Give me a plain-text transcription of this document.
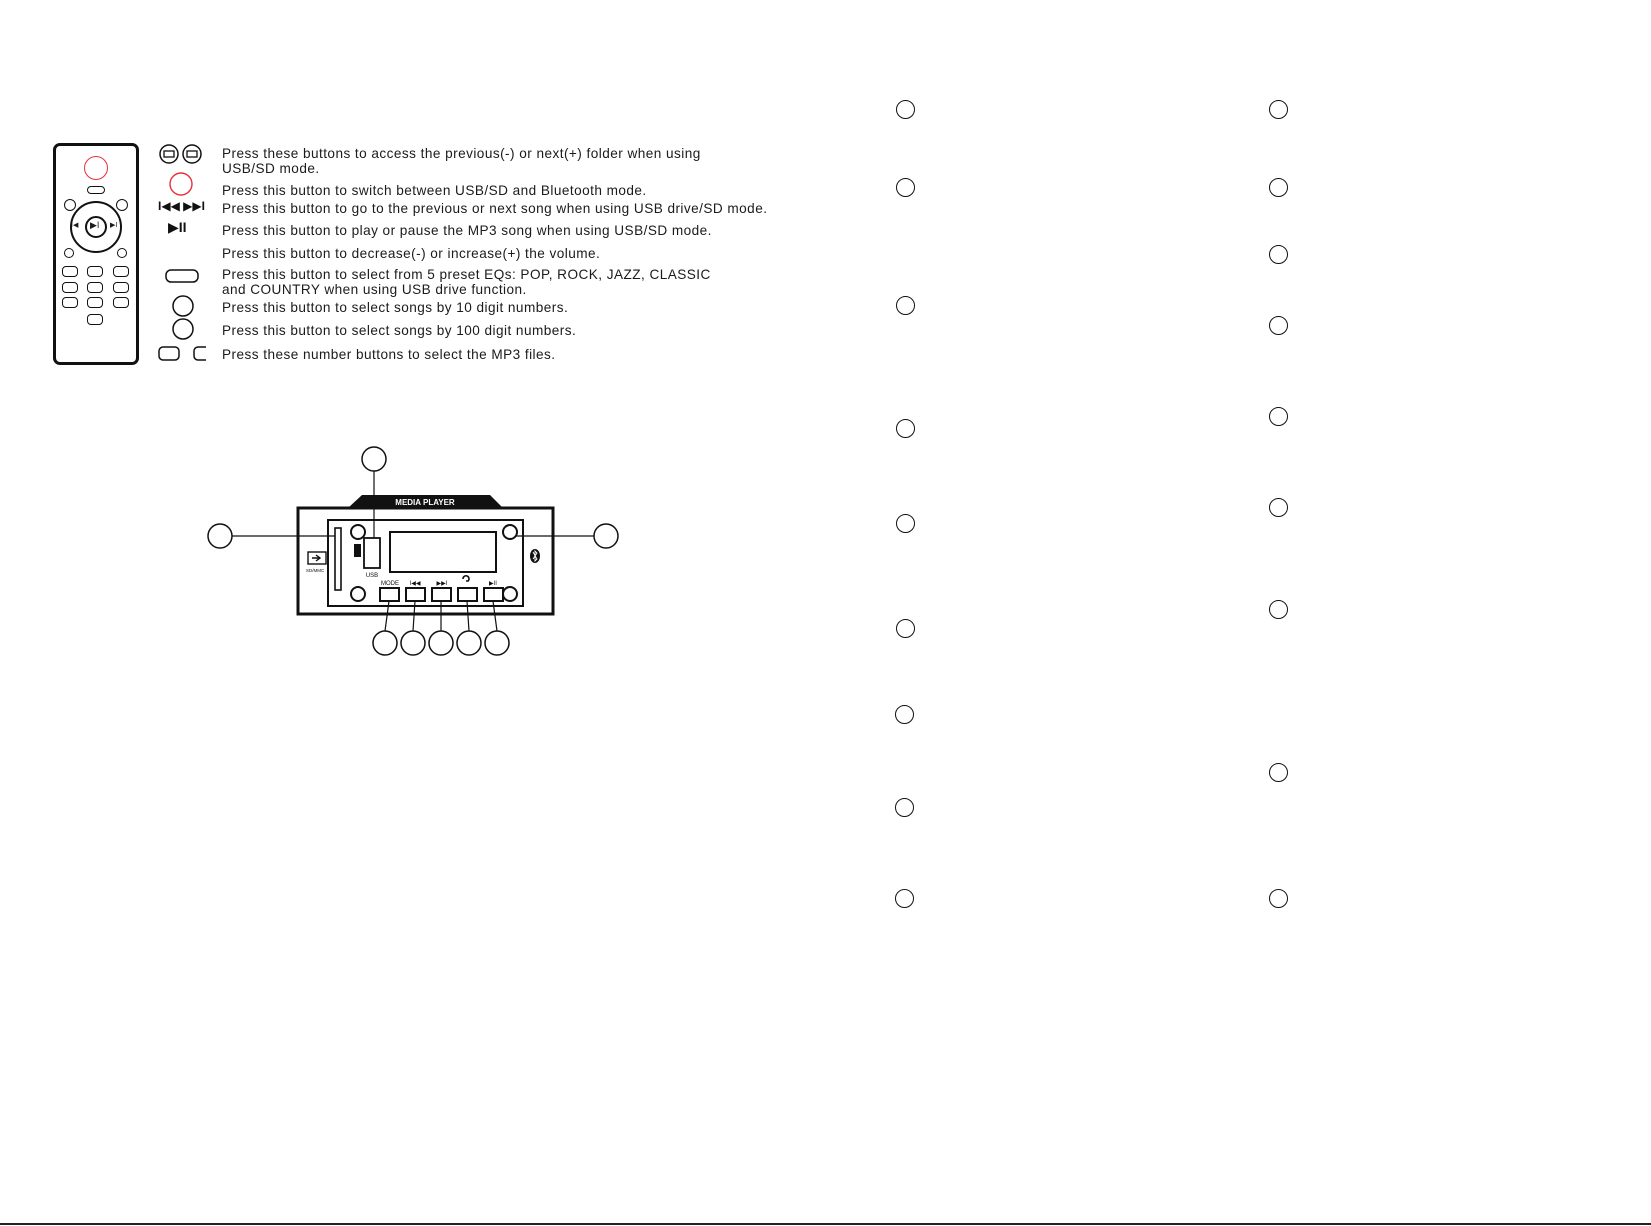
▶I
I◀	▶I
I◀◀ ▶▶I
▶II
Press these buttons to access the previous(-) or next(+) folder when using
USB/SD mode.
Press this button to switch between USB/SD and Bluetooth mode.
Press this button to go to the previous or next song when using USB drive/SD mode.
Press this button to play or pause the MP3 song when using USB/SD mode.
Press this button to decrease(-) or increase(+) the volume.
Press this button to select from 5 preset EQs: POP, ROCK, JAZZ, CLASSIC
and COUNTRY when using USB drive function.
Press this button to select songs by 10 digit numbers.
Press this button to select songs by 100 digit numbers.
Press these number buttons to select the MP3 files.
MEDIA PLAYER
SD/MMC
USB
MODE I◀◀	▶▶I	▶II
